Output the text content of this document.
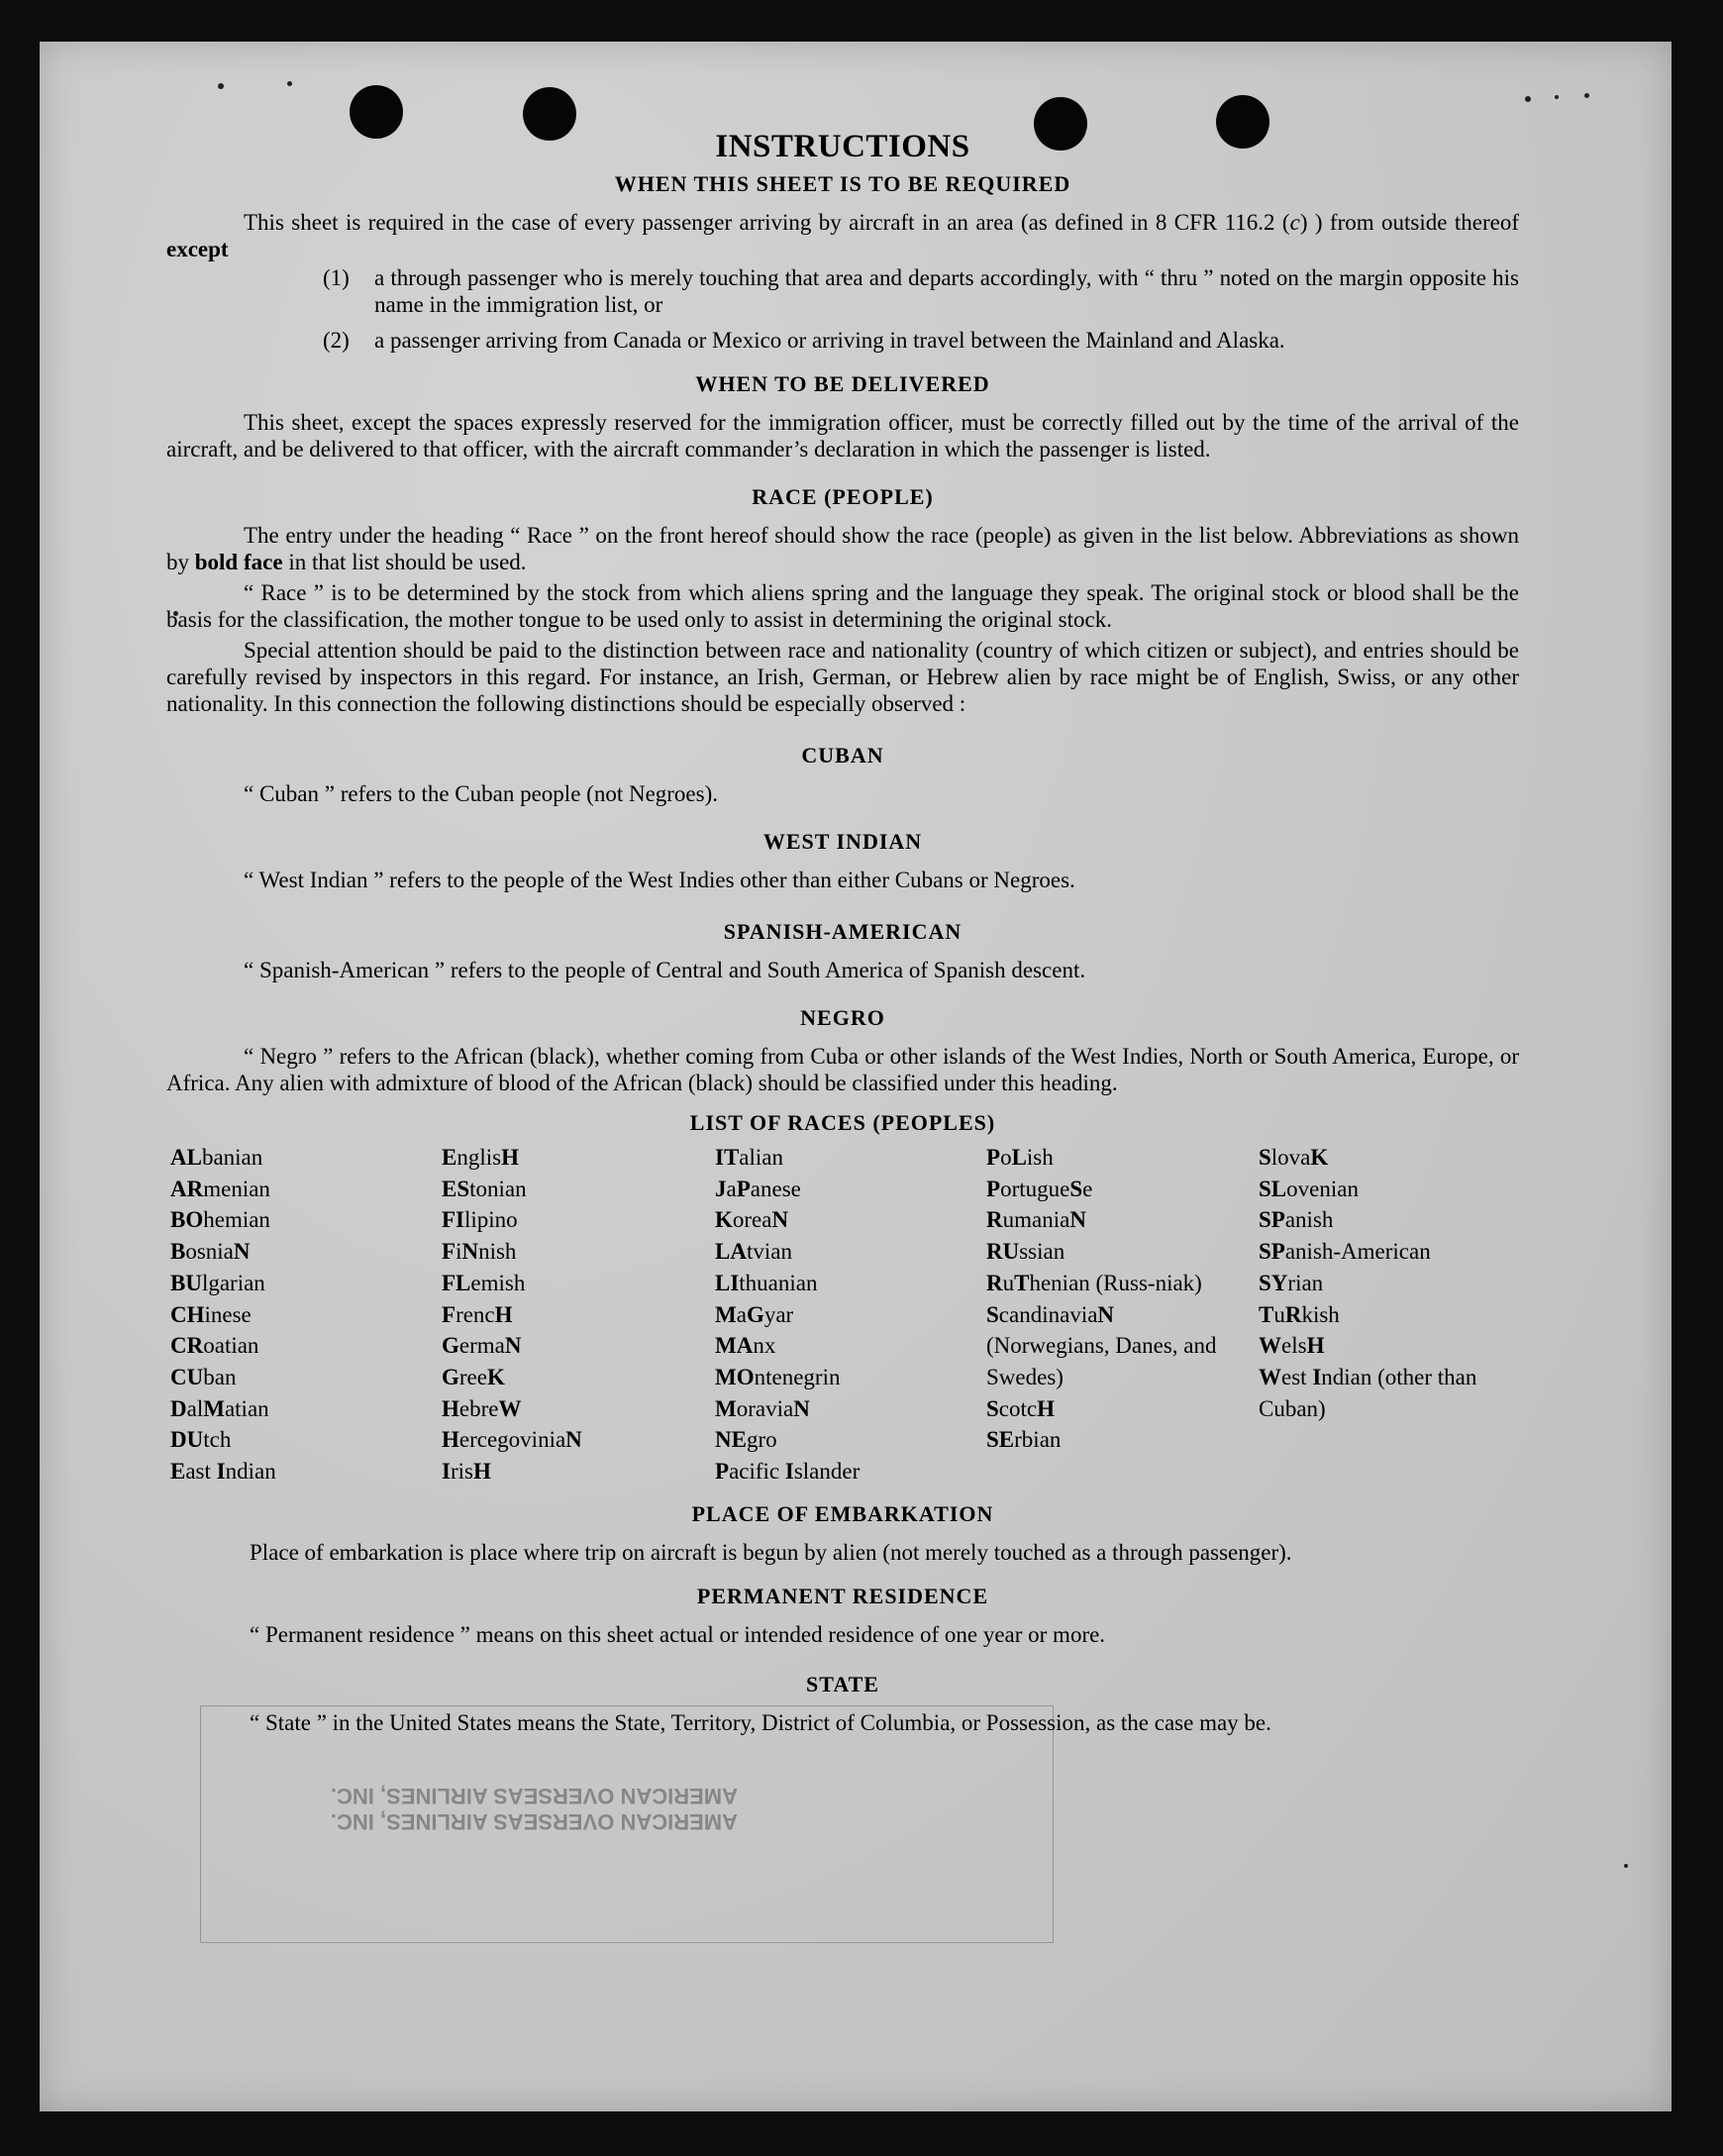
AMERICAN OVERSEAS AIRLINES, INC.
AMERICAN OVERSEAS AIRLINES, INC.
INSTRUCTIONS
WHEN THIS SHEET IS TO BE REQUIRED

This sheet is required in the case of every passenger arriving by aircraft in an area (as defined in 8 CFR 116.2 (c) ) from outside thereof except

(1)	a through passenger who is merely touching that area and departs accordingly, with “ thru ” noted on the margin opposite his name in the immigration list, or
(2)	a passenger arriving from Canada or Mexico or arriving in travel between the Mainland and Alaska.
WHEN TO BE DELIVERED

This sheet, except the spaces expressly reserved for the immigration officer, must be correctly filled out by the time of the arrival of the aircraft, and be delivered to that officer, with the aircraft commander’s declaration in which the passenger is listed.

RACE (PEOPLE)

The entry under the heading “ Race ” on the front hereof should show the race (people) as given in the list below. Abbreviations as shown by bold face in that list should be used.

“ Race ” is to be determined by the stock from which aliens spring and the language they speak. The original stock or blood shall be the basis for the classification, the mother tongue to be used only to assist in determining the original stock.

Special attention should be paid to the distinction between race and nationality (country of which citizen or subject), and entries should be carefully revised by inspectors in this regard. For instance, an Irish, German, or Hebrew alien by race might be of English, Swiss, or any other nationality. In this connection the following distinctions should be especially observed :

CUBAN

“ Cuban ” refers to the Cuban people (not Negroes).

WEST INDIAN

“ West Indian ” refers to the people of the West Indies other than either Cubans or Negroes.

SPANISH-AMERICAN

“ Spanish-American ” refers to the people of Central and South America of Spanish descent.

NEGRO

“ Negro ” refers to the African (black), whether coming from Cuba or other islands of the West Indies, North or South America, Europe, or Africa. Any alien with admixture of blood of the African (black) should be classified under this heading.

LIST OF RACES (PEOPLES)
ALbanian
ARmenian
BOhemian
BosniaN
BUlgarian
CHinese
CRoatian
CUban
DalMatian
DUtch
East Indian
EnglisH
EStonian
FIlipino
FiNnish
FLemish
FrencH
GermaN
GreeK
HebreW
HercegoviniaN
IrisH
ITalian
JaPanese
KoreaN
LAtvian
LIthuanian
MaGyar
MAnx
MOntenegrin
MoraviaN
NEgro
Pacific Islander
PoLish
PortugueSe
RumaniaN
RUssian
RuThenian (Russ-niak)
ScandinaviaN (Norwegians, Danes, and Swedes)
ScotcH
SErbian
SlovaK
SLovenian
SPanish
SPanish-American
SYrian
TuRkish
WelsH
West Indian (other than Cuban)
PLACE OF EMBARKATION

Place of embarkation is place where trip on aircraft is begun by alien (not merely touched as a through passenger).

PERMANENT RESIDENCE

“ Permanent residence ” means on this sheet actual or intended residence of one year or more.

STATE

“ State ” in the United States means the State, Territory, District of Columbia, or Possession, as the case may be.
